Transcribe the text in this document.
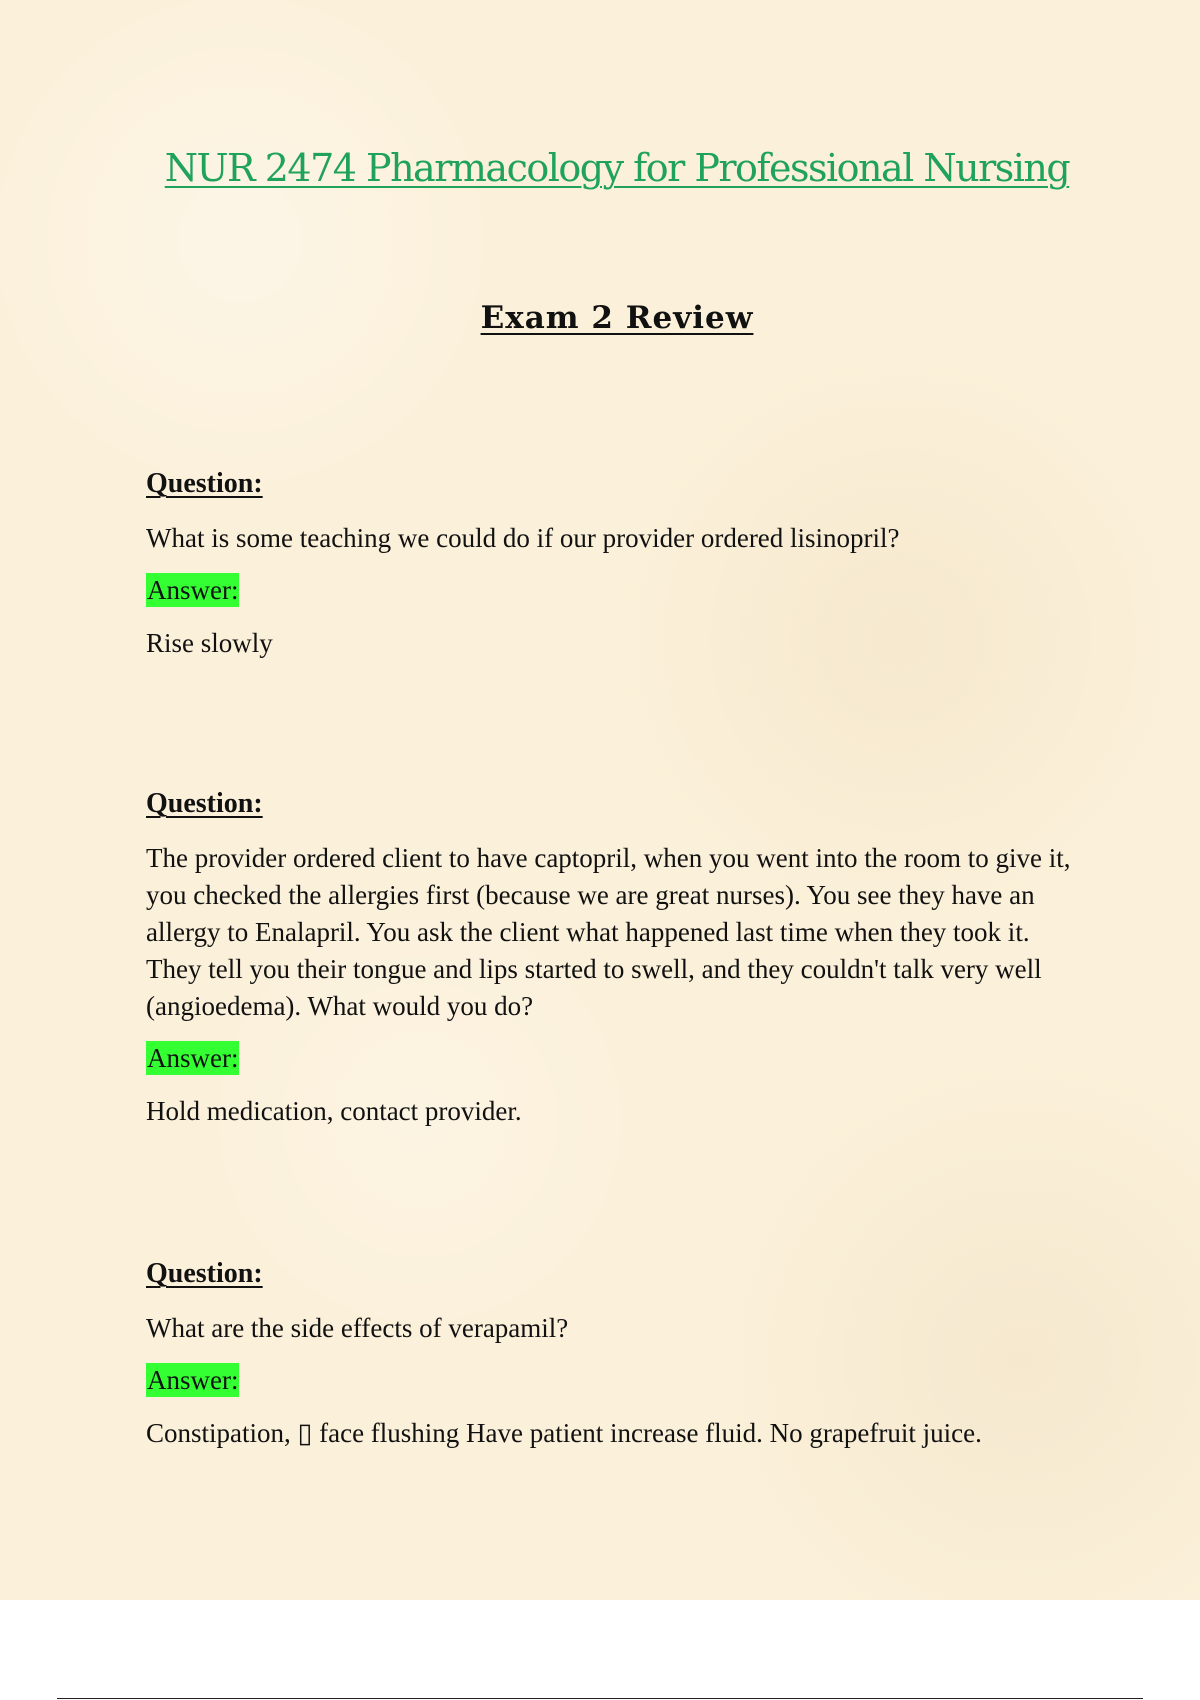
NUR 2474 Pharmacology for Professional Nursing
Exam 2 Review
Question:
What is some teaching we could do if our provider ordered lisinopril?
Answer:
Rise slowly
Question:
The provider ordered client to have captopril, when you went into the room to give it, you checked the allergies first (because we are great nurses). You see they have an allergy to Enalapril. You ask the client what happened last time when they took it. They tell you their tongue and lips started to swell, and they couldn't talk very well (angioedema). What would you do?
Answer:
Hold medication, contact provider.
Question:
What are the side effects of verapamil?
Answer:
Constipation, ▯ face flushing Have patient increase fluid. No grapefruit juice.
